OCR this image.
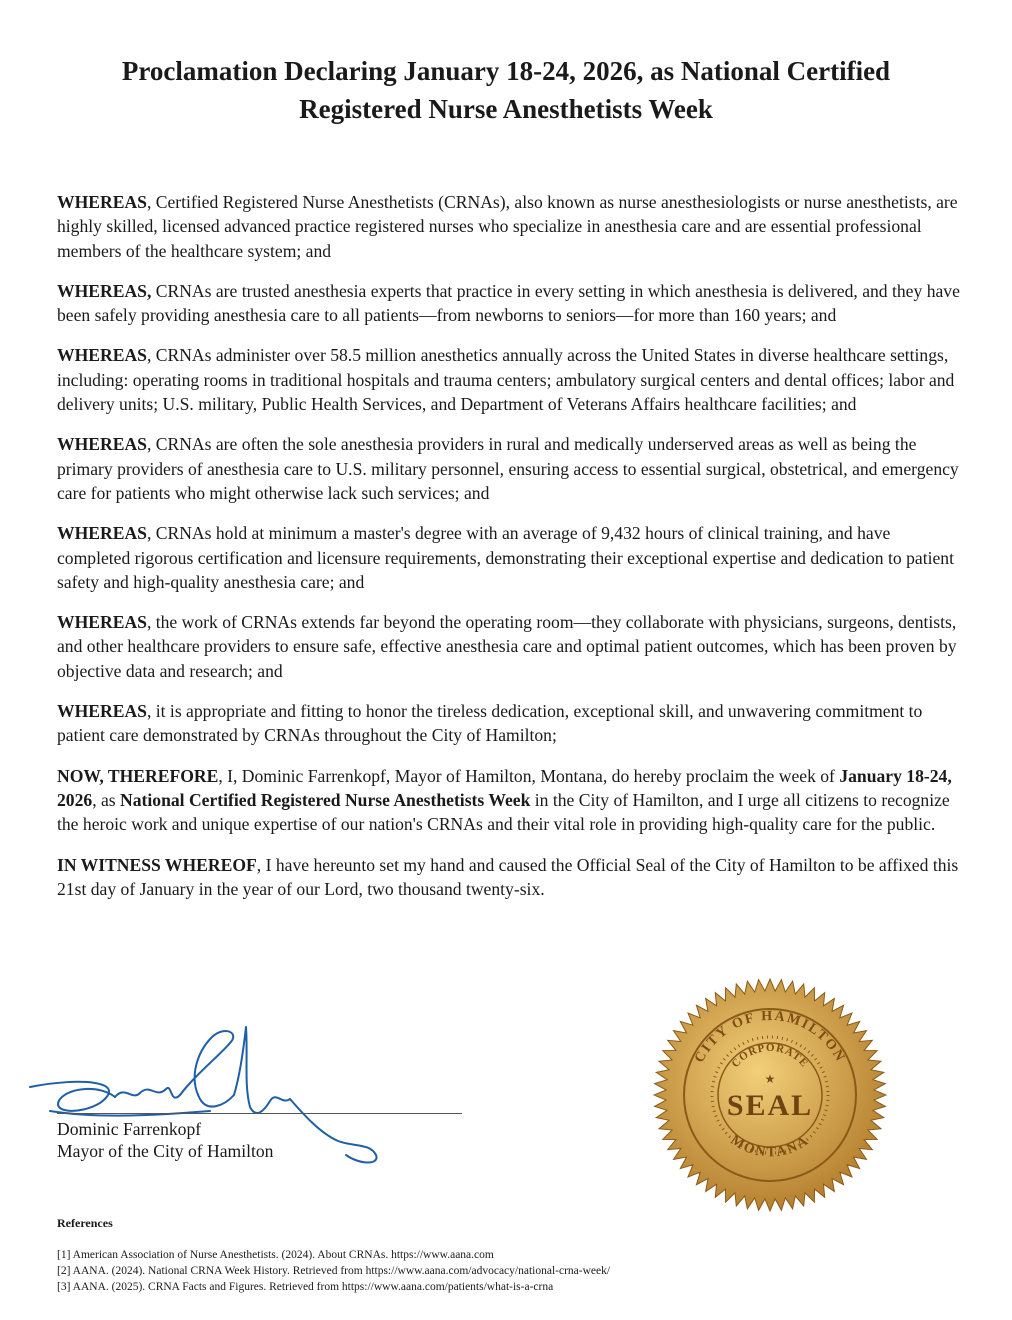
Proclamation Declaring January 18-24, 2026, as National Certified
Registered Nurse Anesthetists Week

WHEREAS, Certified Registered Nurse Anesthetists (CRNAs), also known as nurse anesthesiologists or nurse anesthetists, are highly skilled, licensed advanced practice registered nurses who specialize in anesthesia care and are essential professional members of the healthcare system; and

WHEREAS, CRNAs are trusted anesthesia experts that practice in every setting in which anesthesia is delivered, and they have been safely providing anesthesia care to all patients—from newborns to seniors—for more than 160 years; and

WHEREAS, CRNAs administer over 58.5 million anesthetics annually across the United States in diverse healthcare settings, including: operating rooms in traditional hospitals and trauma centers; ambulatory surgical centers and dental offices; labor and delivery units; U.S. military, Public Health Services, and Department of Veterans Affairs healthcare facilities; and

WHEREAS, CRNAs are often the sole anesthesia providers in rural and medically underserved areas as well as being the primary providers of anesthesia care to U.S. military personnel, ensuring access to essential surgical, obstetrical, and emergency care for patients who might otherwise lack such services; and

WHEREAS, CRNAs hold at minimum a master's degree with an average of 9,432 hours of clinical training, and have completed rigorous certification and licensure requirements, demonstrating their exceptional expertise and dedication to patient safety and high-quality anesthesia care; and

WHEREAS, the work of CRNAs extends far beyond the operating room—they collaborate with physicians, surgeons, dentists, and other healthcare providers to ensure safe, effective anesthesia care and optimal patient outcomes, which has been proven by objective data and research; and

WHEREAS, it is appropriate and fitting to honor the tireless dedication, exceptional skill, and unwavering commitment to patient care demonstrated by CRNAs throughout the City of Hamilton;

NOW, THEREFORE, I, Dominic Farrenkopf, Mayor of Hamilton, Montana, do hereby proclaim the week of January 18-24, 2026, as National Certified Registered Nurse Anesthetists Week in the City of Hamilton, and I urge all citizens to recognize the heroic work and unique expertise of our nation's CRNAs and their vital role in providing high-quality care for the public.

IN WITNESS WHEREOF, I have hereunto set my hand and caused the Official Seal of the City of Hamilton to be affixed this 21st day of January in the year of our Lord, two thousand twenty-six.

Dominic Farrenkopf
Mayor of the City of Hamilton
CITY OF HAMILTON
MONTANA
CORPORATE
★
SEAL

References

[1] American Association of Nurse Anesthetists. (2024). About CRNAs. https://www.aana.com

[2] AANA. (2024). National CRNA Week History. Retrieved from https://www.aana.com/advocacy/national-crna-week/

[3] AANA. (2025). CRNA Facts and Figures. Retrieved from https://www.aana.com/patients/what-is-a-crna
